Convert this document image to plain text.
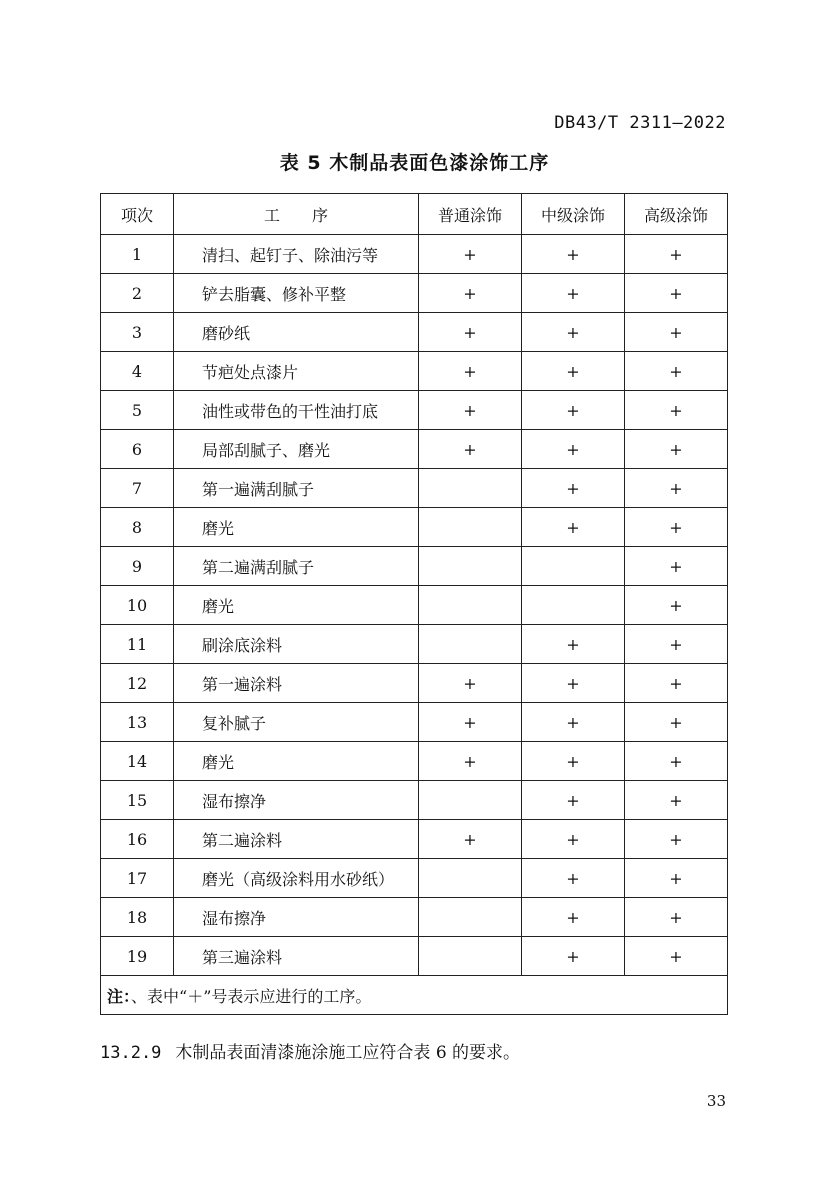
DB43/T 2311—2022
表 5 木制品表面色漆涂饰工序
项次	工　　序	普通涂饰	中级涂饰	高级涂饰
1	清扫、起钉子、除油污等	+	+	+
2	铲去脂囊、修补平整	+	+	+
3	磨砂纸	+	+	+
4	节疤处点漆片	+	+	+
5	油性或带色的干性油打底	+	+	+
6	局部刮腻子、磨光	+	+	+
7	第一遍满刮腻子		+	+
8	磨光		+	+
9	第二遍满刮腻子			+
10	磨光			+
11	刷涂底涂料		+	+
12	第一遍涂料	+	+	+
13	复补腻子	+	+	+
14	磨光	+	+	+
15	湿布擦净		+	+
16	第二遍涂料	+	+	+
17	磨光（高级涂料用水砂纸）		+	+
18	湿布擦净		+	+
19	第三遍涂料		+	+
注：、表中“＋”号表示应进行的工序。				
13.2.9 木制品表面清漆施涂施工应符合表 6 的要求。
33
